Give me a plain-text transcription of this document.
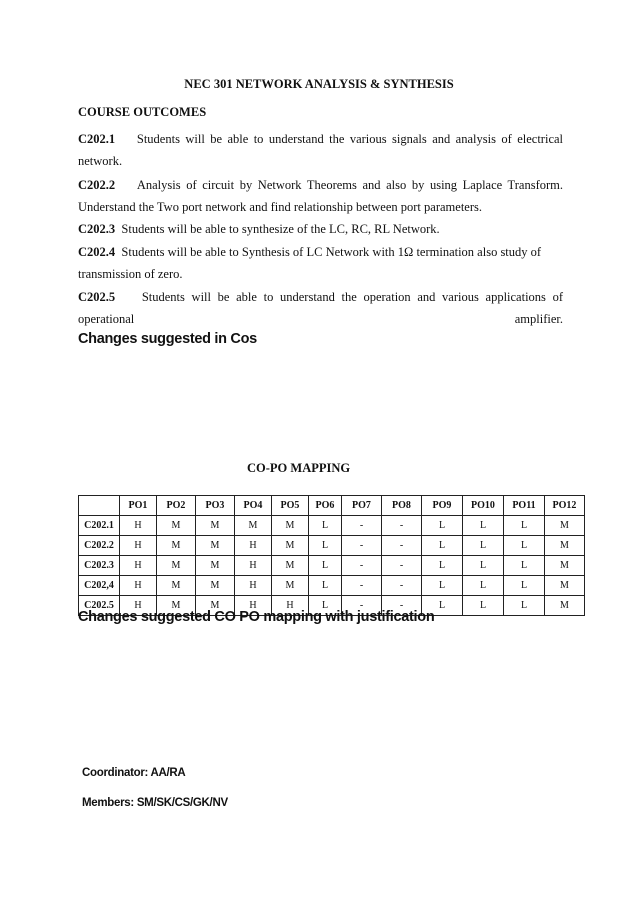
NEC 301 NETWORK ANALYSIS & SYNTHESIS
COURSE OUTCOMES
C202.1 Students will be able to understand the various signals and analysis of electrical network.
C202.2 Analysis of circuit by Network Theorems and also by using Laplace Transform. Understand the Two port network and find relationship between port parameters.
C202.3 Students will be able to synthesize of the LC, RC, RL Network.
C202.4 Students will be able to Synthesis of LC Network with 1Ω termination also study of transmission of zero.
C202.5 Students will be able to understand the operation and various applications of operational amplifier.
Changes suggested in Cos
CO-PO MAPPING
	PO1	PO2	PO3	PO4	PO5	PO6	PO7	PO8	PO9	PO10	PO11	PO12
C202.1	H	M	M	M	M	L	-	-	L	L	L	M
C202.2	H	M	M	H	M	L	-	-	L	L	L	M
C202.3	H	M	M	H	M	L	-	-	L	L	L	M
C202,4	H	M	M	H	M	L	-	-	L	L	L	M
C202.5	H	M	M	H	H	L	-	-	L	L	L	M
Changes suggested CO PO mapping with justification
Coordinator: AA/RA
Members: SM/SK/CS/GK/NV
